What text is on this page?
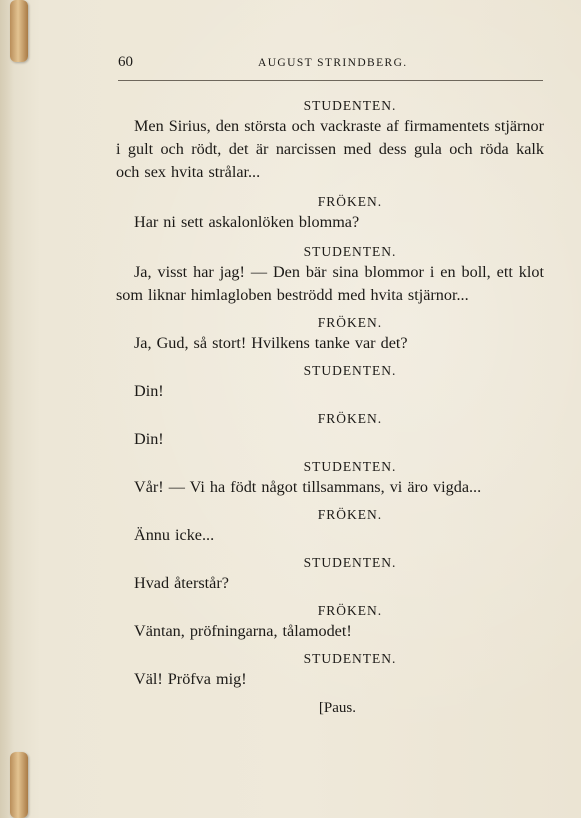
60	AUGUST STRINDBERG.

STUDENTEN.

Men Sirius, den största och vackraste af firmamentets stjärnor i gult och rödt, det är narcissen med dess gula och röda kalk och sex hvita strålar...

FRÖKEN.

Har ni sett askalonlöken blomma?

STUDENTEN.

Ja, visst har jag! — Den bär sina blommor i en boll, ett klot som liknar himlagloben beströdd med hvita stjärnor...

FRÖKEN.

Ja, Gud, så stort! Hvilkens tanke var det?

STUDENTEN.

Din!

FRÖKEN.

Din!

STUDENTEN.

Vår! — Vi ha födt något tillsammans, vi äro vigda...

FRÖKEN.

Ännu icke...

STUDENTEN.

Hvad återstår?

FRÖKEN.

Väntan, pröfningarna, tålamodet!

STUDENTEN.

Väl! Pröfva mig!

[Paus.
